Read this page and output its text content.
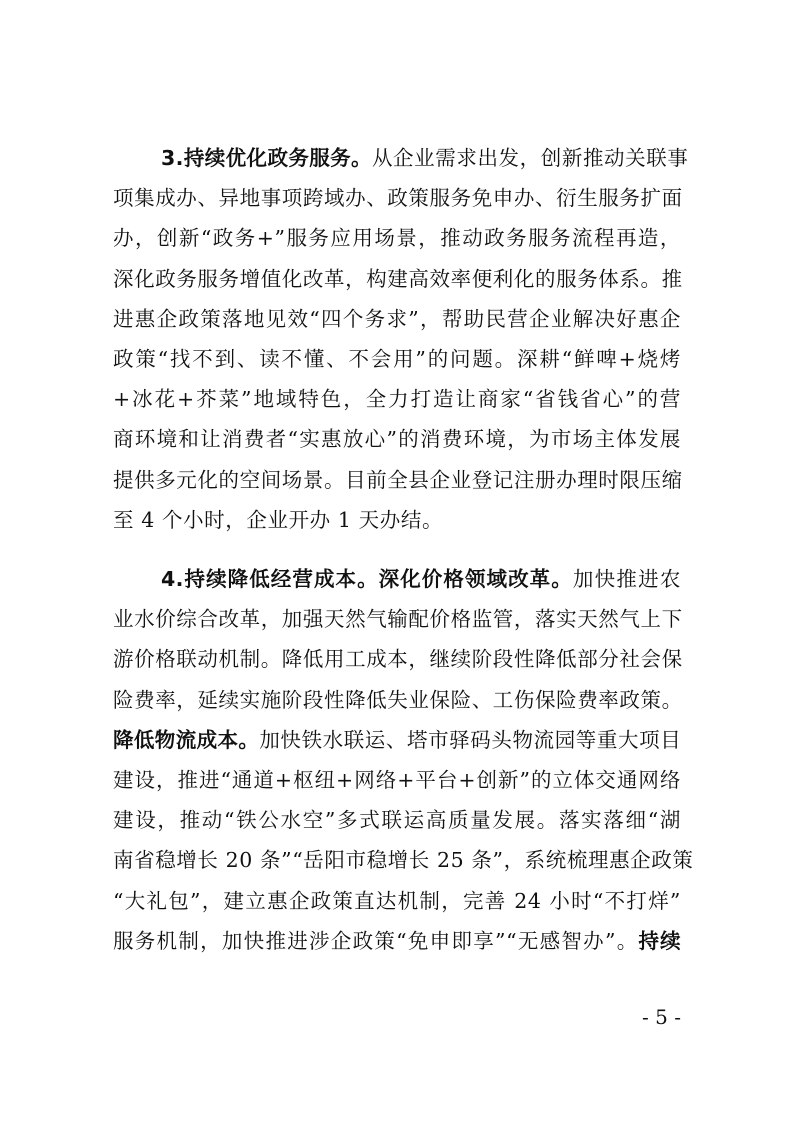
3.持续优化政务服务。从企业需求出发，创新推动关联事
项集成办、异地事项跨域办、政策服务免申办、衍生服务扩面
办，创新“政务+”服务应用场景，推动政务服务流程再造，
深化政务服务增值化改革，构建高效率便利化的服务体系。推
进惠企政策落地见效“四个务求”，帮助民营企业解决好惠企
政策“找不到、读不懂、不会用”的问题。深耕“鲜啤+烧烤
+冰花+芥菜”地域特色，全力打造让商家“省钱省心”的营
商环境和让消费者“实惠放心”的消费环境，为市场主体发展
提供多元化的空间场景。目前全县企业登记注册办理时限压缩
至 4 个小时，企业开办 1 天办结。
4.持续降低经营成本。深化价格领域改革。加快推进农
业水价综合改革，加强天然气输配价格监管，落实天然气上下
游价格联动机制。降低用工成本，继续阶段性降低部分社会保
险费率，延续实施阶段性降低失业保险、工伤保险费率政策。
降低物流成本。加快铁水联运、塔市驿码头物流园等重大项目
建设，推进“通道+枢纽+网络+平台+创新”的立体交通网络
建设，推动“铁公水空”多式联运高质量发展。落实落细“湖
南省稳增长 20 条”“岳阳市稳增长 25 条”，系统梳理惠企政策
“大礼包”，建立惠企政策直达机制，完善 24 小时“不打烊”
服务机制，加快推进涉企政策“免申即享”“无感智办”。持续
- 5 -
